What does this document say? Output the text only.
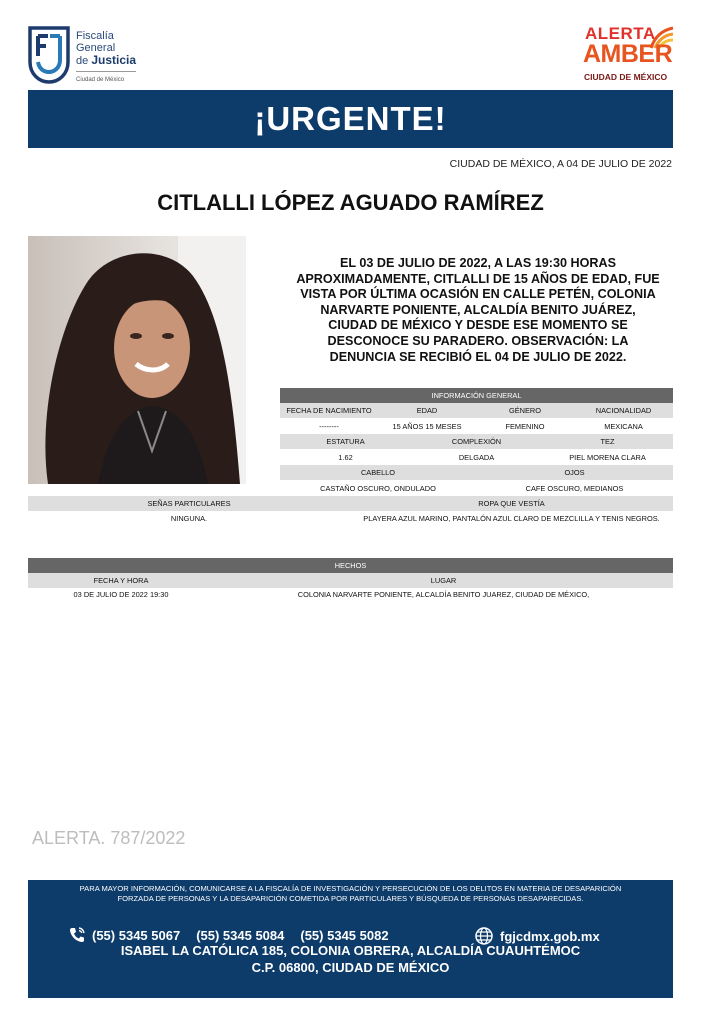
Fiscalía
General
de Justicia
Ciudad de México
ALERTA
AMBER
CIUDAD DE MÉXICO
¡URGENTE!
CIUDAD DE MÉXICO, A 04 DE JULIO DE 2022
CITLALLI LÓPEZ AGUADO RAMÍREZ
EL 03 DE JULIO DE 2022, A LAS 19:30 HORAS
APROXIMADAMENTE, CITLALLI DE 15 AÑOS DE EDAD, FUE
VISTA POR ÚLTIMA OCASIÓN EN CALLE PETÉN, COLONIA
NARVARTE PONIENTE, ALCALDÍA BENITO JUÁREZ,
CIUDAD DE MÉXICO Y DESDE ESE MOMENTO SE
DESCONOCE SU PARADERO. OBSERVACIÓN: LA
DENUNCIA SE RECIBIÓ EL 04 DE JULIO DE 2022.
INFORMACIÓN GENERAL
FECHA DE NACIMIENTO	EDAD	GÉNERO	NACIONALIDAD
--------	15 AÑOS 15 MESES	FEMENINO	MEXICANA
ESTATURA	COMPLEXIÓN	TEZ
1.62	DELGADA	PIEL MORENA CLARA
CABELLO	OJOS
CASTAÑO OSCURO, ONDULADO	CAFE OSCURO, MEDIANOS
SEÑAS PARTICULARES	ROPA QUE VESTÍA
NINGUNA.	PLAYERA AZUL MARINO, PANTALÓN AZUL CLARO DE MEZCLILLA Y TENIS NEGROS.
HECHOS
FECHA Y HORA	LUGAR
03 DE JULIO DE 2022 19:30	COLONIA NARVARTE PONIENTE, ALCALDÍA BENITO JUAREZ, CIUDAD DE MÉXICO,
ALERTA. 787/2022
PARA MAYOR INFORMACIÓN, COMUNICARSE A LA FISCALÍA DE INVESTIGACIÓN Y PERSECUCIÓN DE LOS DELITOS EN MATERIA DE DESAPARICIÓN
FORZADA DE PERSONAS Y LA DESAPARICIÓN COMETIDA POR PARTICULARES Y BÚSQUEDA DE PERSONAS DESAPARECIDAS.
(55) 5345 5067 (55) 5345 5084 (55) 5345 5082	fgjcdmx.gob.mx
ISABEL LA CATÓLICA 185, COLONIA OBRERA, ALCALDÍA CUAUHTÉMOC
C.P. 06800, CIUDAD DE MÉXICO
